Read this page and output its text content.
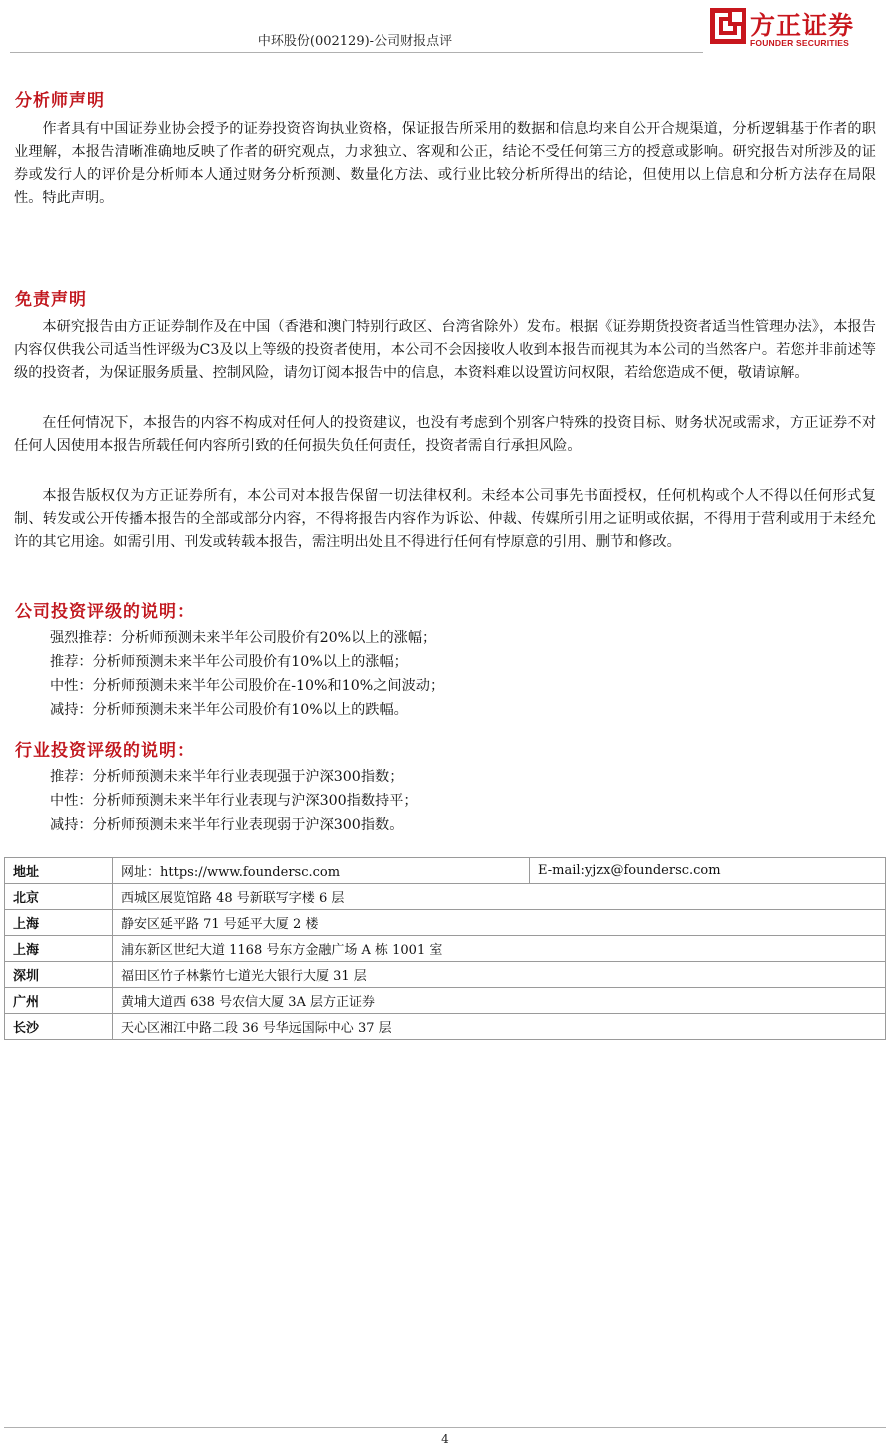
中环股份(002129)-公司财报点评
方正证券
FOUNDER SECURITIES
分析师声明
作者具有中国证券业协会授予的证券投资咨询执业资格，保证报告所采用的数据和信息均来自公开合规渠道，分析逻辑基于作者的职业理解，本报告清晰准确地反映了作者的研究观点，力求独立、客观和公正，结论不受任何第三方的授意或影响。研究报告对所涉及的证券或发行人的评价是分析师本人通过财务分析预测、数量化方法、或行业比较分析所得出的结论，但使用以上信息和分析方法存在局限性。特此声明。
免责声明
本研究报告由方正证券制作及在中国（香港和澳门特别行政区、台湾省除外）发布。根据《证券期货投资者适当性管理办法》，本报告内容仅供我公司适当性评级为C3及以上等级的投资者使用，本公司不会因接收人收到本报告而视其为本公司的当然客户。若您并非前述等级的投资者，为保证服务质量、控制风险，请勿订阅本报告中的信息，本资料难以设置访问权限，若给您造成不便，敬请谅解。
在任何情况下，本报告的内容不构成对任何人的投资建议，也没有考虑到个别客户特殊的投资目标、财务状况或需求，方正证券不对任何人因使用本报告所载任何内容所引致的任何损失负任何责任，投资者需自行承担风险。
本报告版权仅为方正证券所有，本公司对本报告保留一切法律权利。未经本公司事先书面授权，任何机构或个人不得以任何形式复制、转发或公开传播本报告的全部或部分内容，不得将报告内容作为诉讼、仲裁、传媒所引用之证明或依据，不得用于营利或用于未经允许的其它用途。如需引用、刊发或转载本报告，需注明出处且不得进行任何有悖原意的引用、删节和修改。
公司投资评级的说明：
强烈推荐：分析师预测未来半年公司股价有20%以上的涨幅；
推荐：分析师预测未来半年公司股价有10%以上的涨幅；
中性：分析师预测未来半年公司股价在-10%和10%之间波动；
减持：分析师预测未来半年公司股价有10%以上的跌幅。
行业投资评级的说明：
推荐：分析师预测未来半年行业表现强于沪深300指数；
中性：分析师预测未来半年行业表现与沪深300指数持平；
减持：分析师预测未来半年行业表现弱于沪深300指数。
地址	网址：https://www.foundersc.com	E-mail:yjzx@foundersc.com
北京	西城区展览馆路 48 号新联写字楼 6 层	
上海	静安区延平路 71 号延平大厦 2 楼	
上海	浦东新区世纪大道 1168 号东方金融广场 A 栋 1001 室	
深圳	福田区竹子林紫竹七道光大银行大厦 31 层	
广州	黄埔大道西 638 号农信大厦 3A 层方正证券	
长沙	天心区湘江中路二段 36 号华远国际中心 37 层	
4
